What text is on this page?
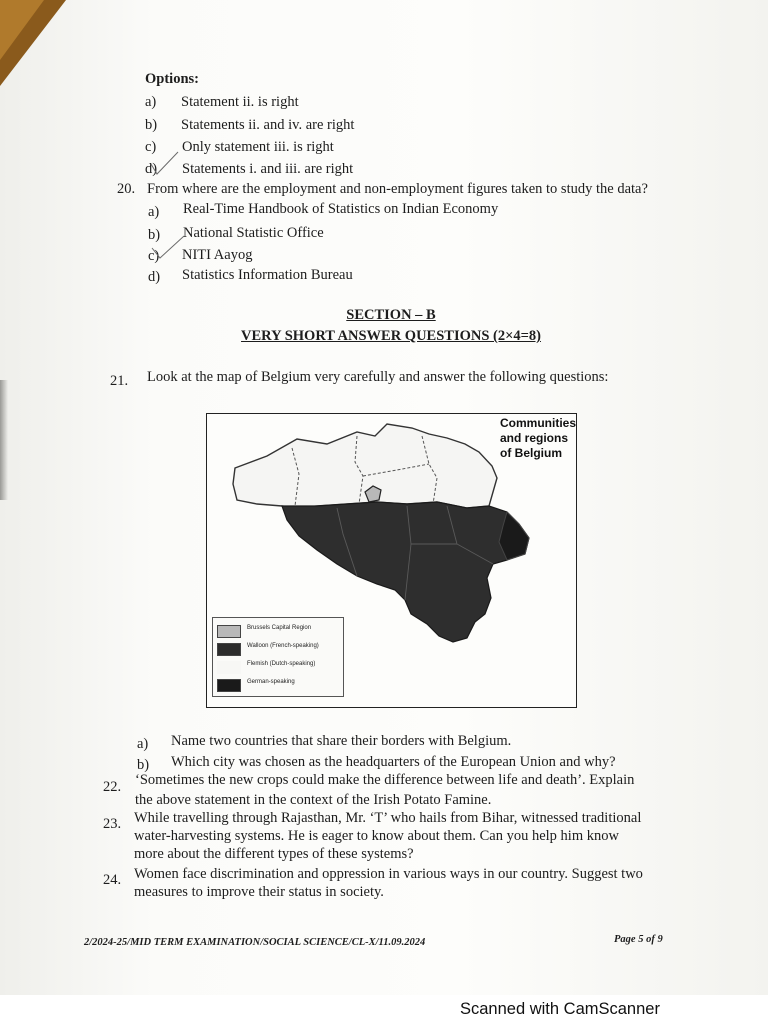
Options:
a) Statement ii. is right
b) Statements ii. and iv. are right
c) Only statement iii. is right
d) Statements i. and iii. are right
20. From where are the employment and non-employment figures taken to study the data?
a) Real-Time Handbook of Statistics on Indian Economy
b) National Statistic Office
c) NITI Aayog
d) Statistics Information Bureau
SECTION – B
VERY SHORT ANSWER QUESTIONS (2×4=8)
21. Look at the map of Belgium very carefully and answer the following questions:
Communities and regions of Belgium
Brussels Capital Region
Walloon (French-speaking)
Flemish (Dutch-speaking)
German-speaking
a) Name two countries that share their borders with Belgium.
b) Which city was chosen as the headquarters of the European Union and why?
22. ‘Sometimes the new crops could make the difference between life and death’. Explain
the above statement in the context of the Irish Potato Famine.
23. While travelling through Rajasthan, Mr. ‘T’ who hails from Bihar, witnessed traditional
water-harvesting systems. He is eager to know about them. Can you help him know
more about the different types of these systems?
24. Women face discrimination and oppression in various ways in our country. Suggest two
measures to improve their status in society.
2/2024-25/MID TERM EXAMINATION/SOCIAL SCIENCE/CL-X/11.09.2024	Page 5 of 9
Scanned with CamScanner
